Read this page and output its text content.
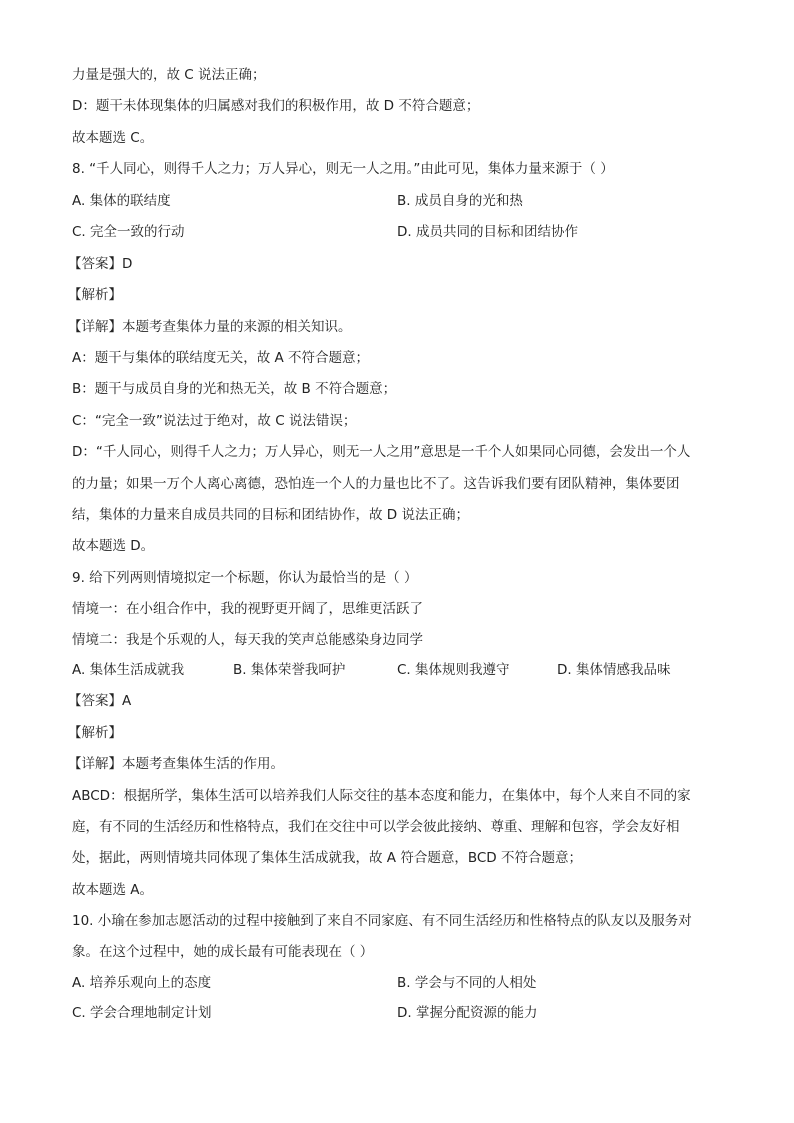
力量是强大的，故 C 说法正确；
D：题干未体现集体的归属感对我们的积极作用，故 D 不符合题意；
故本题选 C。
8. “千人同心，则得千人之力；万人异心，则无一人之用。”由此可见，集体力量来源于（ ）
A. 集体的联结度	B. 成员自身的光和热
C. 完全一致的行动	D. 成员共同的目标和团结协作
【答案】D
【解析】
【详解】本题考查集体力量的来源的相关知识。
A：题干与集体的联结度无关，故 A 不符合题意；
B：题干与成员自身的光和热无关，故 B 不符合题意；
C：“完全一致”说法过于绝对，故 C 说法错误；
D：“千人同心，则得千人之力；万人异心，则无一人之用”意思是一千个人如果同心同德，会发出一个人
的力量；如果一万个人离心离德，恐怕连一个人的力量也比不了。这告诉我们要有团队精神，集体要团
结，集体的力量来自成员共同的目标和团结协作，故 D 说法正确；
故本题选 D。
9. 给下列两则情境拟定一个标题，你认为最恰当的是（ ）
情境一：在小组合作中，我的视野更开阔了，思维更活跃了
情境二：我是个乐观的人，每天我的笑声总能感染身边同学
A. 集体生活成就我	B. 集体荣誉我呵护	C. 集体规则我遵守	D. 集体情感我品味
【答案】A
【解析】
【详解】本题考查集体生活的作用。
ABCD：根据所学，集体生活可以培养我们人际交往的基本态度和能力，在集体中，每个人来自不同的家
庭，有不同的生活经历和性格特点，我们在交往中可以学会彼此接纳、尊重、理解和包容，学会友好相
处，据此，两则情境共同体现了集体生活成就我，故 A 符合题意，BCD 不符合题意；
故本题选 A。
10. 小瑜在参加志愿活动的过程中接触到了来自不同家庭、有不同生活经历和性格特点的队友以及服务对
象。在这个过程中，她的成长最有可能表现在（ ）
A. 培养乐观向上的态度	B. 学会与不同的人相处
C. 学会合理地制定计划	D. 掌握分配资源的能力
